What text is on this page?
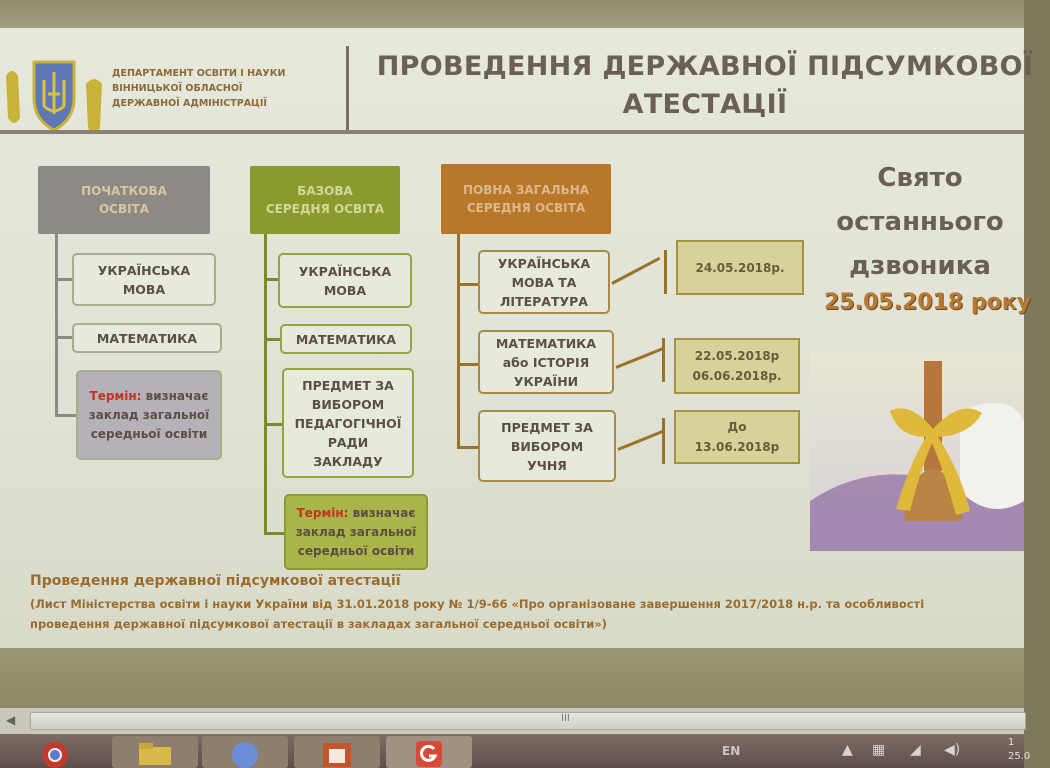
ДЕПАРТАМЕНТ ОСВІТИ І НАУКИ
ВІННИЦЬКОЇ ОБЛАСНОЇ
ДЕРЖАВНОЇ АДМІНІСТРАЦІЇ
ПРОВЕДЕННЯ ДЕРЖАВНОЇ ПІДСУМКОВОЇ
АТЕСТАЦІЇ
ПОЧАТКОВА
ОСВІТА
УКРАЇНСЬКА
МОВА
МАТЕМАТИКА
Термін: визначає заклад загальної середньої освіти
БАЗОВА
СЕРЕДНЯ ОСВІТА
УКРАЇНСЬКА
МОВА
МАТЕМАТИКА
ПРЕДМЕТ ЗА
ВИБОРОМ
ПЕДАГОГІЧНОЇ
РАДИ
ЗАКЛАДУ
Термін: визначає заклад загальної середньої освіти
ПОВНА ЗАГАЛЬНА
СЕРЕДНЯ ОСВІТА
УКРАЇНСЬКА
МОВА ТА
ЛІТЕРАТУРА
МАТЕМАТИКА
або ІСТОРІЯ
УКРАЇНИ
ПРЕДМЕТ ЗА
ВИБОРОМ
УЧНЯ
24.05.2018р.
22.05.2018р
06.06.2018р.
До
13.06.2018р
Свято
останнього
дзвоника
25.05.2018 року
Проведення державної підсумкової атестації
(Лист Міністерства освіти і науки України від 31.01.2018 року № 1/9-66 «Про організоване завершення 2017/2018 н.р. та особливості проведення державної підсумкової атестації в закладах загальної середньої освіти»)
◀	III
EN	▲ ▦ ◢ ◀)	1
25.0
